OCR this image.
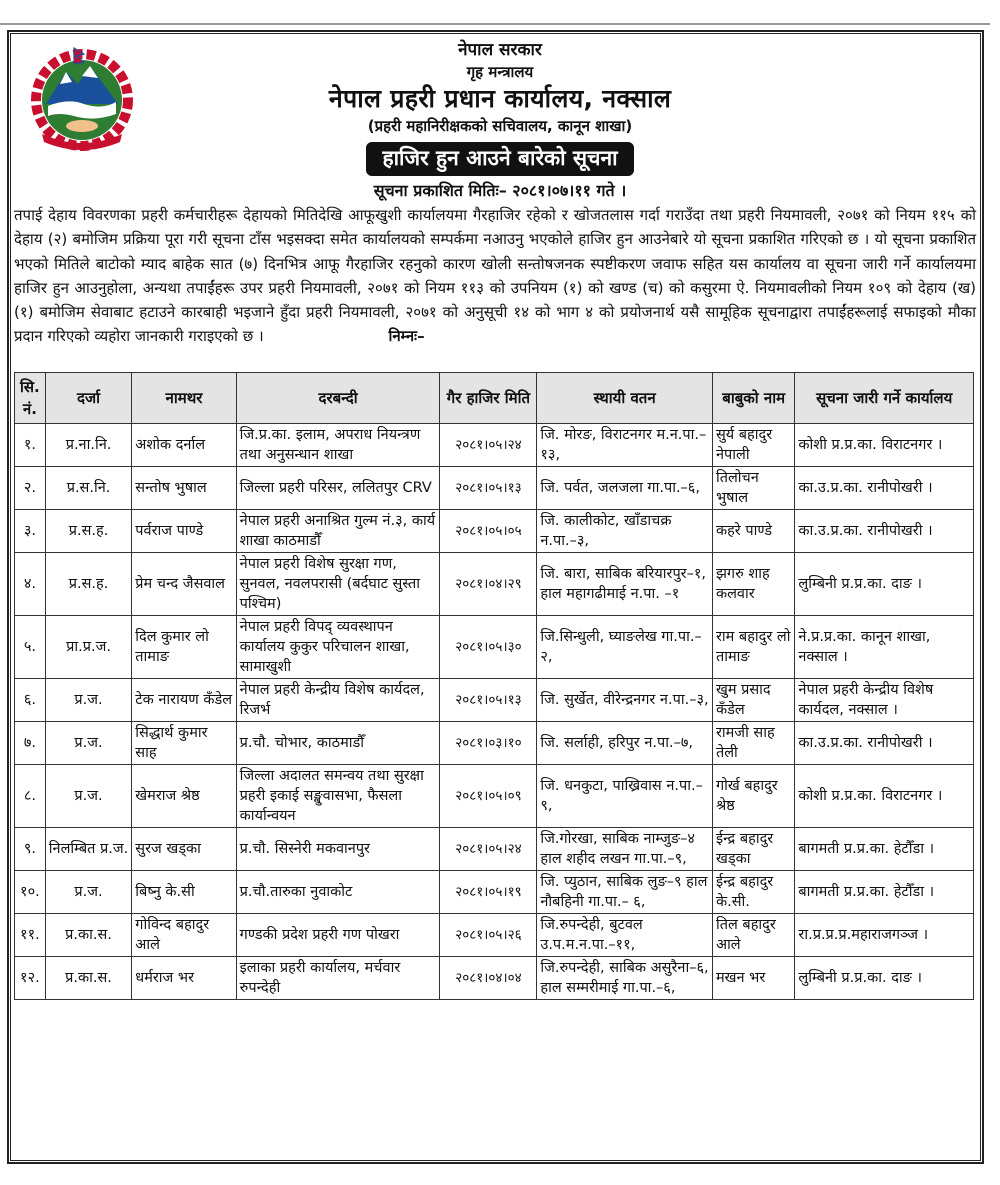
नेपाल सरकार
गृह मन्त्रालय
नेपाल प्रहरी प्रधान कार्यालय, नक्साल
(प्रहरी महानिरीक्षकको सचिवालय, कानून शाखा)
हाजिर हुन आउने बारेको सूचना
सूचना प्रकाशित मितिः– २०८१।०७।११ गते ।
तपाई देहाय विवरणका प्रहरी कर्मचारीहरू देहायको मितिदेखि आफूखुशी कार्यालयमा गैरहाजिर रहेको र खोजतलास गर्दा गराउँदा तथा प्रहरी नियमावली, २०७१ को नियम ११५ को देहाय (२) बमोजिम प्रक्रिया पूरा गरी सूचना टाँस भइसक्दा समेत कार्यालयको सम्पर्कमा नआउनु भएकोले हाजिर हुन आउनेबारे यो सूचना प्रकाशित गरिएको छ । यो सूचना प्रकाशित भएको मितिले बाटोको म्याद बाहेक सात (७) दिनभित्र आफू गैरहाजिर रहनुको कारण खोली सन्तोषजनक स्पष्टीकरण जवाफ सहित यस कार्यालय वा सूचना जारी गर्ने कार्यालयमा हाजिर हुन आउनुहोला, अन्यथा तपाईंहरू उपर प्रहरी नियमावली, २०७१ को नियम ११३ को उपनियम (१) को खण्ड (च) को कसुरमा ऐ. नियमावलीको नियम १०९ को देहाय (ख) (१) बमोजिम सेवाबाट हटाउने कारबाही भइजाने हुँदा प्रहरी नियमावली, २०७१ को अनुसूची १४ को भाग ४ को प्रयोजनार्थ यसै सामूहिक सूचनाद्वारा तपाईंहरूलाई सफाइको मौका प्रदान गरिएको व्यहोरा जानकारी गराइएको छ ।	निम्नः–
सि. नं.	दर्जा	नामथर	दरबन्दी	गैर हाजिर मिति	स्थायी वतन	बाबुको नाम	सूचना जारी गर्ने कार्यालय
१.	प्र.ना.नि.	अशोक दर्नाल	जि.प्र.का. इलाम, अपराध नियन्त्रण तथा अनुसन्धान शाखा	२०८१।०५।२४	जि. मोरङ, विराटनगर म.न.पा.–१३,	सुर्य बहादुर नेपाली	कोशी प्र.प्र.का. विराटनगर ।
२.	प्र.स.नि.	सन्तोष भुषाल	जिल्ला प्रहरी परिसर, ललितपुर CRV	२०८१।०५।१३	जि. पर्वत, जलजला गा.पा.–६,	तिलोचन भुषाल	का.उ.प्र.का. रानीपोखरी ।
३.	प्र.स.ह.	पर्वराज पाण्डे	नेपाल प्रहरी अनाश्रित गुल्म नं.३, कार्य शाखा काठमाडौँ	२०८१।०५।०५	जि. कालीकोट, खाँडाचक्र न.पा.–३,	कहरे पाण्डे	का.उ.प्र.का. रानीपोखरी ।
४.	प्र.स.ह.	प्रेम चन्द जैसवाल	नेपाल प्रहरी विशेष सुरक्षा गण, सुनवल, नवलपरासी (बर्दघाट सुस्ता पश्चिम)	२०८१।०४।२९	जि. बारा, साबिक बरियारपुर–१, हाल महागढीमाई न.पा. –१	झगरु शाह कलवार	लुम्बिनी प्र.प्र.का. दाङ ।
५.	प्रा.प्र.ज.	दिल कुमार लो तामाङ	नेपाल प्रहरी विपद् व्यवस्थापन कार्यालय कुकुर परिचालन शाखा, सामाखुशी	२०८१।०५।३०	जि.सिन्धुली, घ्याङलेख गा.पा.–२,	राम बहादुर लो तामाङ	ने.प्र.प्र.का. कानून शाखा, नक्साल ।
६.	प्र.ज.	टेक नारायण कँडेल	नेपाल प्रहरी केन्द्रीय विशेष कार्यदल, रिजर्भ	२०८१।०५।१३	जि. सुर्खेत, वीरेन्द्रनगर न.पा.–३,	खुम प्रसाद कँडेल	नेपाल प्रहरी केन्द्रीय विशेष कार्यदल, नक्साल ।
७.	प्र.ज.	सिद्धार्थ कुमार साह	प्र.चौ. चोभार, काठमाडौँ	२०८१।०३।१०	जि. सर्लाही, हरिपुर न.पा.–७,	रामजी साह तेली	का.उ.प्र.का. रानीपोखरी ।
८.	प्र.ज.	खेमराज श्रेष्ठ	जिल्ला अदालत समन्वय तथा सुरक्षा प्रहरी इकाई सङ्खुवासभा, फैसला कार्यान्वयन	२०८१।०५।०९	जि. धनकुटा, पाख्रिवास न.पा.–९,	गोर्ख बहादुर श्रेष्ठ	कोशी प्र.प्र.का. विराटनगर ।
९.	निलम्बित प्र.ज.	सुरज खड्का	प्र.चौ. सिस्नेरी मकवानपुर	२०८१।०५।२४	जि.गोरखा, साबिक नाम्जुङ–४ हाल शहीद लखन गा.पा.–९,	ईन्द्र बहादुर खड्का	बागमती प्र.प्र.का. हेटौँडा ।
१०.	प्र.ज.	बिष्नु के.सी	प्र.चौ.तारुका नुवाकोट	२०८१।०५।१९	जि. प्युठान, साबिक लुङ–९ हाल नौबहिनी गा.पा.– ६,	ईन्द्र बहादुर के.सी.	बागमती प्र.प्र.का. हेटौँडा ।
११.	प्र.का.स.	गोविन्द बहादुर आले	गण्डकी प्रदेश प्रहरी गण पोखरा	२०८१।०५।२६	जि.रुपन्देही, बुटवल उ.प.म.न.पा.–११,	तिल बहादुर आले	रा.प्र.प्र.प्र.महाराजगञ्ज ।
१२.	प्र.का.स.	धर्मराज भर	इलाका प्रहरी कार्यालय, मर्चवार रुपन्देही	२०८१।०४।०४	जि.रुपन्देही, साबिक असुरैना–६, हाल सम्मरीमाई गा.पा.–६,	मखन भर	लुम्बिनी प्र.प्र.का. दाङ ।
